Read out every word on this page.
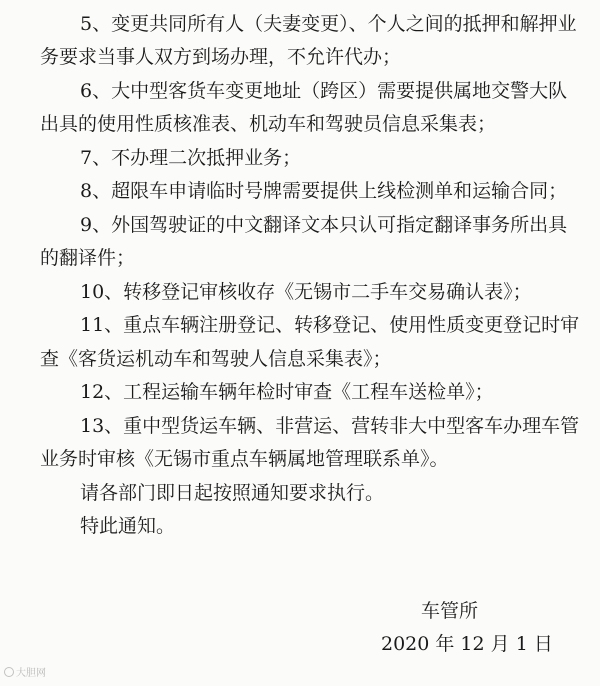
5、变更共同所有人（夫妻变更）、个人之间的抵押和解押业
务要求当事人双方到场办理，不允许代办；
6、大中型客货车变更地址（跨区）需要提供属地交警大队
出具的使用性质核准表、机动车和驾驶员信息采集表；
7、不办理二次抵押业务；
8、超限车申请临时号牌需要提供上线检测单和运输合同；
9、外国驾驶证的中文翻译文本只认可指定翻译事务所出具
的翻译件；
10、转移登记审核收存《无锡市二手车交易确认表》；
11、重点车辆注册登记、转移登记、使用性质变更登记时审
查《客货运机动车和驾驶人信息采集表》；
12、工程运输车辆年检时审查《工程车送检单》；
13、重中型货运车辆、非营运、营转非大中型客车办理车管
业务时审核《无锡市重点车辆属地管理联系单》。
请各部门即日起按照通知要求执行。
特此通知。
车管所
2020 年 12 月 1 日
大胆网
